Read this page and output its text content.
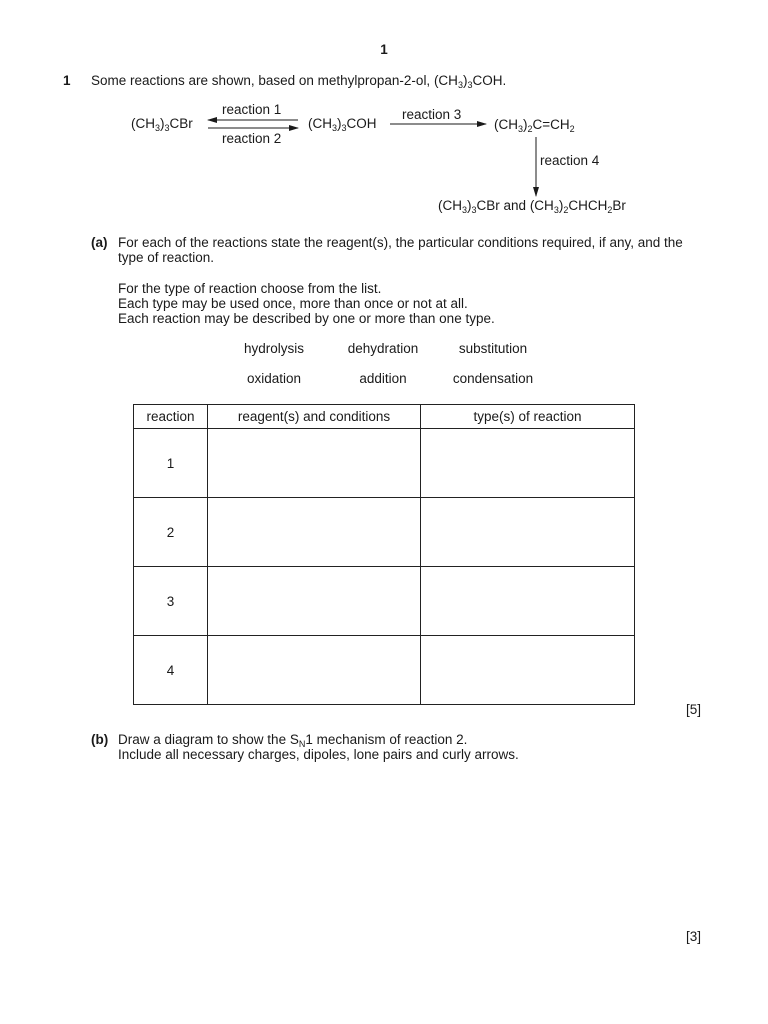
1
1 Some reactions are shown, based on methylpropan-2-ol, $(CH_3)_3COH$.
$(CH_3)_3CBr$
reaction 1
reaction 2
$(CH_3)_3COH$
reaction 3
$(CH_3)_2C=CH_2$
reaction 4
$(CH_3)_3CBr$ and $(CH_3)_2CHCH_2Br$
(a) For each of the reactions state the reagent(s), the particular conditions required, if any, and the
type of reaction.
For the type of reaction choose from the list.
Each type may be used once, more than once or not at all.
Each reaction may be described by one or more than one type.
hydrolysis	dehydration	substitution
oxidation	addition	condensation
reaction	reagent(s) and conditions	type(s) of reaction
1		
2		
3		
4		
[5]
(b) Draw a diagram to show the $S_N1$ mechanism of reaction 2.
Include all necessary charges, dipoles, lone pairs and curly arrows.
[3]
